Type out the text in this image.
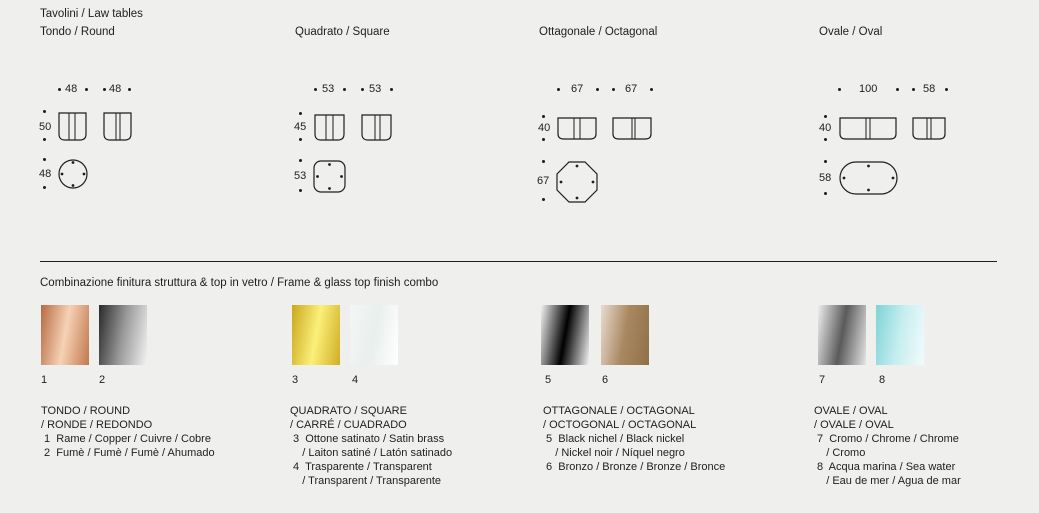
Tavolini / Law tables
Tondo / Round
48	48
50
48
Quadrato / Square
53	53
45
53
Ottagonale / Octagonal
67	67
40
67
Ovale / Oval
100	58
40
58
Combinazione finitura struttura & top in vetro / Frame & glass top finish combo
1	2	3	4	5	6	7	8
TONDO / ROUND
/ RONDE / REDONDO
1  Rame / Copper / Cuivre / Cobre
2  Fumè / Fumè / Fumè / Ahumado
QUADRATO / SQUARE
/ CARRÉ / CUADRADO
3  Ottone satinato / Satin brass
/ Laiton satiné / Latón satinado
4  Trasparente / Transparent
/ Transparent / Transparente
OTTAGONALE / OCTAGONAL
/ OCTOGONAL / OCTAGONAL
5  Black nichel / Black nickel
/ Nickel noir / Níquel negro
6  Bronzo / Bronze / Bronze / Bronce
OVALE / OVAL
/ OVALE / OVAL
7  Cromo / Chrome / Chrome
/ Cromo
8  Acqua marina / Sea water
/ Eau de mer / Agua de mar
